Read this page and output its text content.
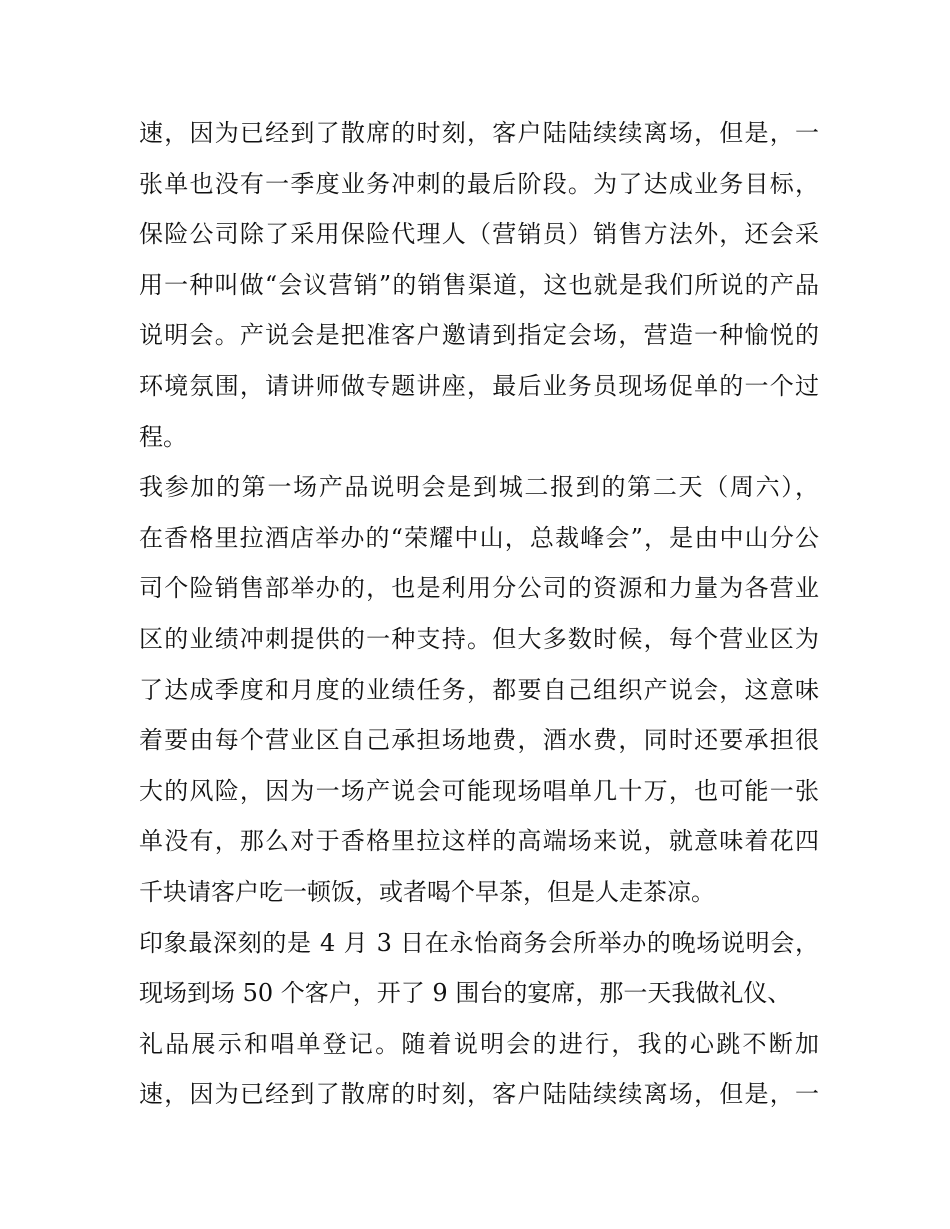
速，因为已经到了散席的时刻，客户陆陆续续离场，但是，一
张单也没有一季度业务冲刺的最后阶段。为了达成业务目标，
保险公司除了采用保险代理人（营销员）销售方法外，还会采
用一种叫做“会议营销”的销售渠道，这也就是我们所说的产品
说明会。产说会是把准客户邀请到指定会场，营造一种愉悦的
环境氛围，请讲师做专题讲座，最后业务员现场促单的一个过
程。
我参加的第一场产品说明会是到城二报到的第二天（周六），
在香格里拉酒店举办的“荣耀中山，总裁峰会”，是由中山分公
司个险销售部举办的，也是利用分公司的资源和力量为各营业
区的业绩冲刺提供的一种支持。但大多数时候，每个营业区为
了达成季度和月度的业绩任务，都要自己组织产说会，这意味
着要由每个营业区自己承担场地费，酒水费，同时还要承担很
大的风险，因为一场产说会可能现场唱单几十万，也可能一张
单没有，那么对于香格里拉这样的高端场来说，就意味着花四
千块请客户吃一顿饭，或者喝个早茶，但是人走茶凉。
印象最深刻的是 4 月 3 日在永怡商务会所举办的晚场说明会，
现场到场 50 个客户，开了 9 围台的宴席，那一天我做礼仪、
礼品展示和唱单登记。随着说明会的进行，我的心跳不断加
速，因为已经到了散席的时刻，客户陆陆续续离场，但是，一
